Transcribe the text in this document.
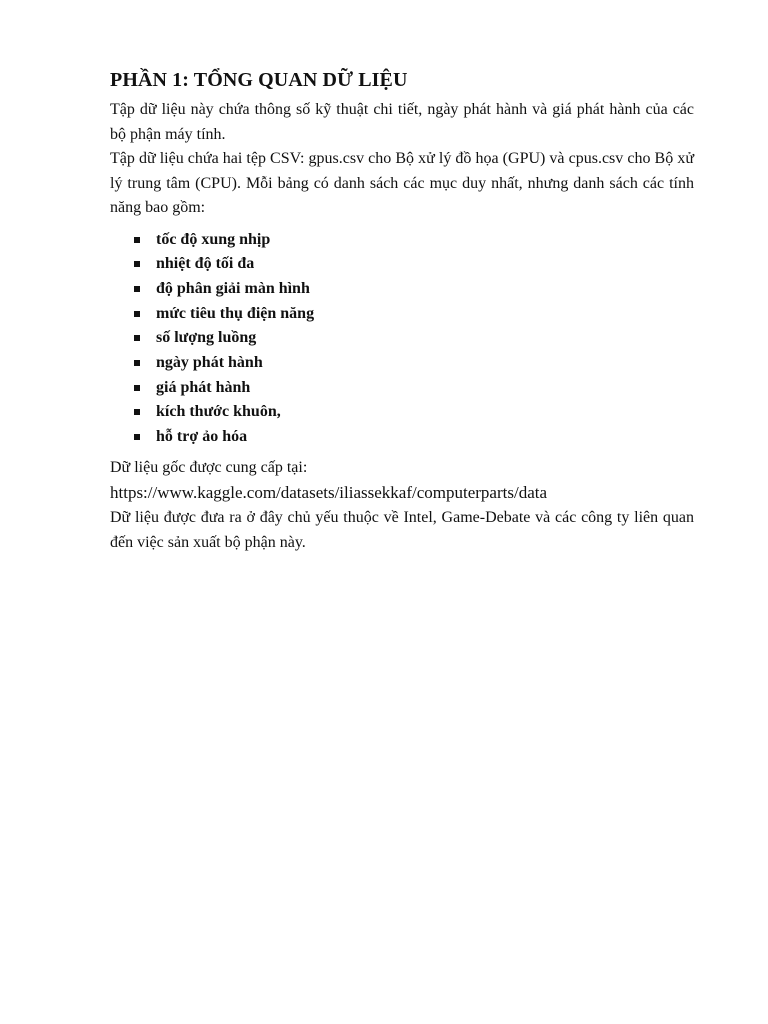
PHẦN 1: TỔNG QUAN DỮ LIỆU

Tập dữ liệu này chứa thông số kỹ thuật chi tiết, ngày phát hành và giá phát hành của các bộ phận máy tính.

Tập dữ liệu chứa hai tệp CSV: gpus.csv cho Bộ xử lý đồ họa (GPU) và cpus.csv cho Bộ xử lý trung tâm (CPU). Mỗi bảng có danh sách các mục duy nhất, nhưng danh sách các tính năng bao gồm:

tốc độ xung nhịp
nhiệt độ tối đa
độ phân giải màn hình
mức tiêu thụ điện năng
số lượng luồng
ngày phát hành
giá phát hành
kích thước khuôn,
hỗ trợ ảo hóa

Dữ liệu gốc được cung cấp tại:

https://www.kaggle.com/datasets/iliassekkaf/computerparts/data

Dữ liệu được đưa ra ở đây chủ yếu thuộc về Intel, Game-Debate và các công ty liên quan đến việc sản xuất bộ phận này.
